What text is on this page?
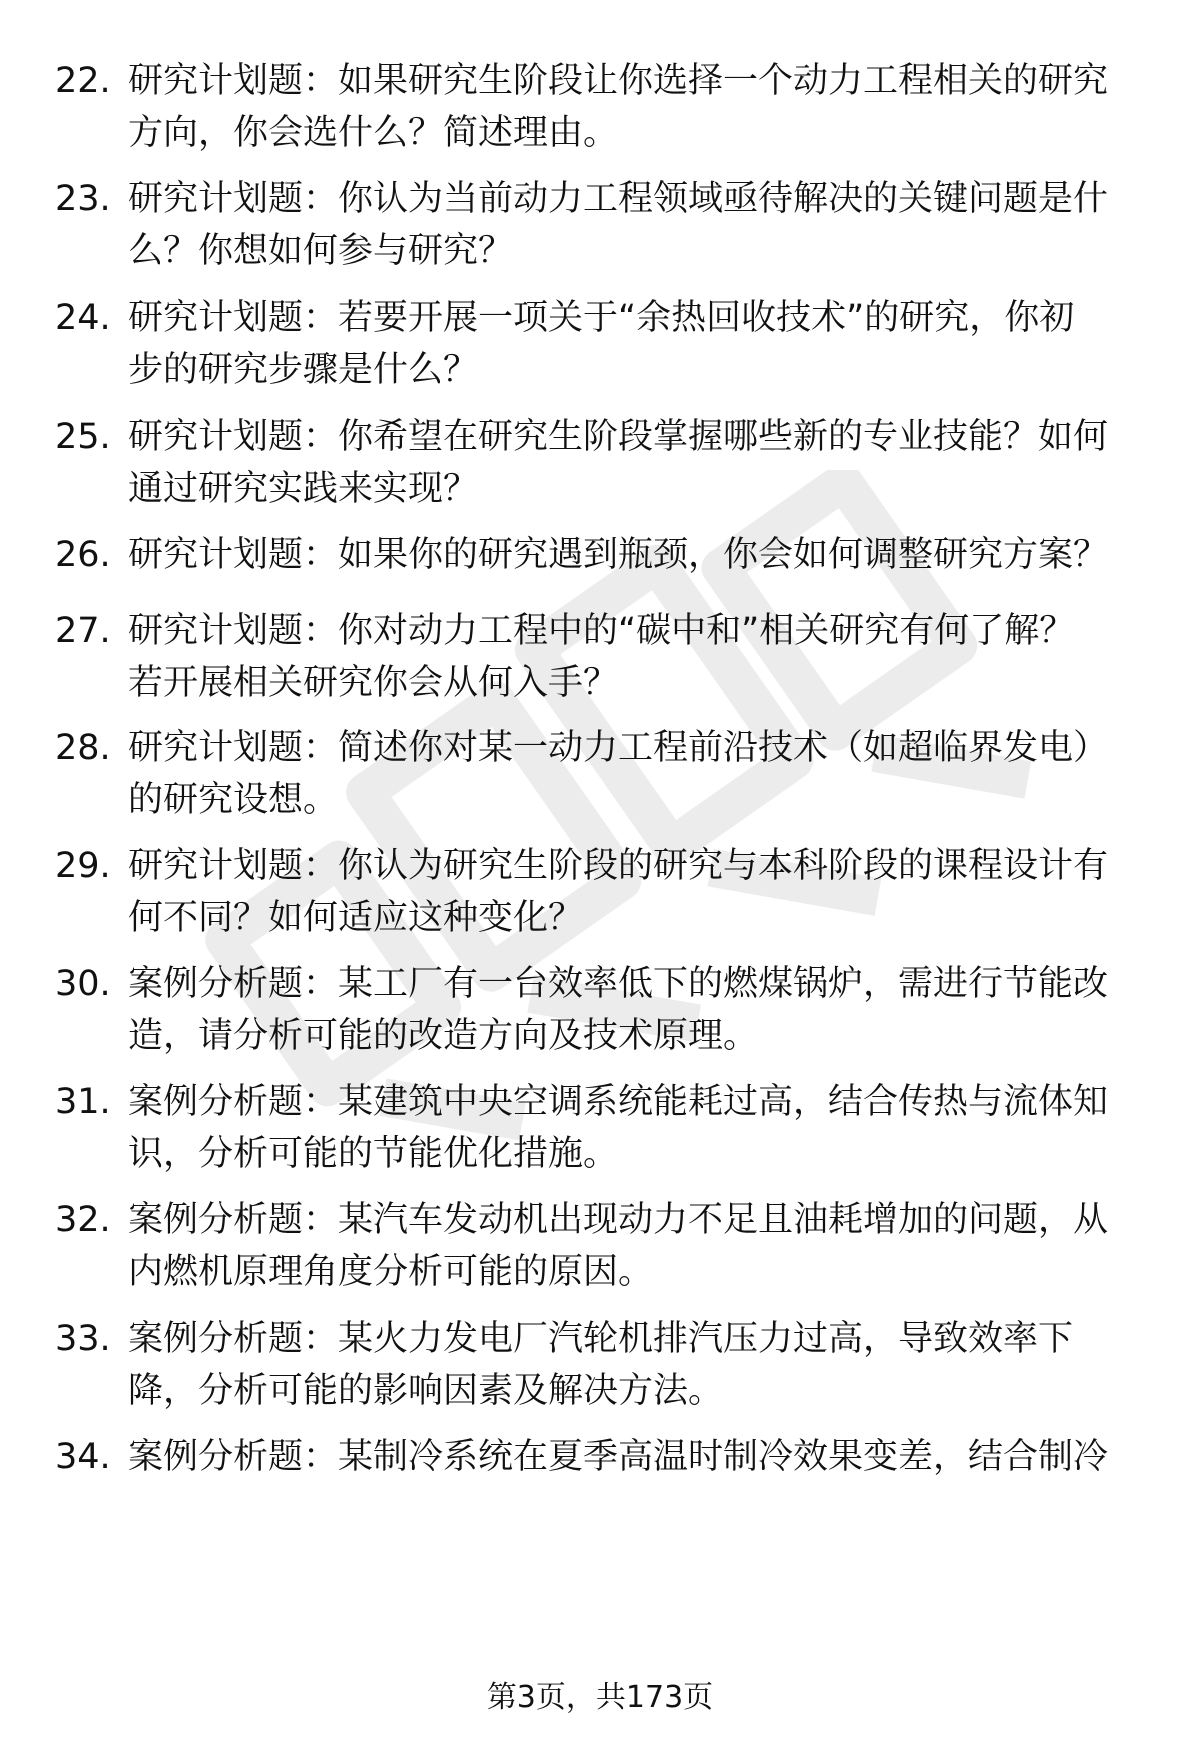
22. 研究计划题：如果研究生阶段让你选择一个动力工程相关的研究
方向，你会选什么？简述理由。
23. 研究计划题：你认为当前动力工程领域亟待解决的关键问题是什
么？你想如何参与研究？
24. 研究计划题：若要开展一项关于“余热回收技术”的研究，你初
步的研究步骤是什么？
25. 研究计划题：你希望在研究生阶段掌握哪些新的专业技能？如何
通过研究实践来实现？
26. 研究计划题：如果你的研究遇到瓶颈，你会如何调整研究方案？
27. 研究计划题：你对动力工程中的“碳中和”相关研究有何了解？
若开展相关研究你会从何入手？
28. 研究计划题：简述你对某一动力工程前沿技术（如超临界发电）
的研究设想。
29. 研究计划题：你认为研究生阶段的研究与本科阶段的课程设计有
何不同？如何适应这种变化？
30. 案例分析题：某工厂有一台效率低下的燃煤锅炉，需进行节能改
造，请分析可能的改造方向及技术原理。
31. 案例分析题：某建筑中央空调系统能耗过高，结合传热与流体知
识，分析可能的节能优化措施。
32. 案例分析题：某汽车发动机出现动力不足且油耗增加的问题，从
内燃机原理角度分析可能的原因。
33. 案例分析题：某火力发电厂汽轮机排汽压力过高，导致效率下
降，分析可能的影响因素及解决方法。
34. 案例分析题：某制冷系统在夏季高温时制冷效果变差，结合制冷
第3页，共173页
